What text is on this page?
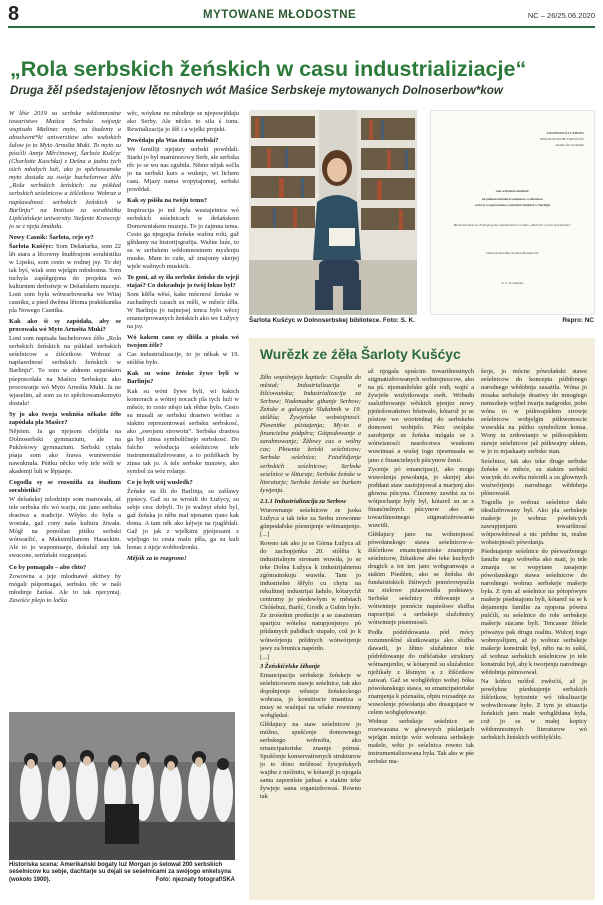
8	MYTOWANE MŁODOSTNE	NC – 26/25.06.2020
„Rola serbskich žeńskich w casu industrializiacje“
Druga žěl pśedstajenjow lětosnych wót Maśice Serbskeje mytowanych Dolnoserbow*kow

W lěśe 2019 su serbske wědomnostne towaristwo Maśica Serbska wójsnje wupisało Mašinec myto, za študenty a absolwent*ki uniwersitow abo wušokich šulow jo to Myto Arnošta Muki. To myto su pósćili Annje Měrćinowej, Šarloće Kušćyc (Charlotte Kuschka) z Dešna a jadnu tych tśich młodych luźi, ako jo spěchowanske myto dostała za swóje bachelorowe źěło „Rola serbskich žeńskich: na pśikład serbskich seśelnicow a źišćetkow. Wobraz a napšawdnosć serbskich žeńskich w Barlinju“ na Institute za sorabistiku Lipšćańskeje uniwersity. Stefanie Krawcojc jo se z njeju źmałała.

Nowy Casnik: Šarlota, cejo sy?

Šarlota Kušćyc: Som Dešańarka, som 22 lět stara a lěcowny študěrujom sorabistiku w Lipsku, som cesto w rodnej jsy. To dej tak byś, wiak som wjelgin młodostna. Som tuchyla zapśěgnjona do projekta wó kulturnem derbstwje w Dešańskem muzeju. Loni som była wótwarbowarka we Witaj casniku, a pśed dwěma lětoma praktikantka pla Nowego Casnika.

Kak ako śi sy zapódała, aby se procowała wó Myto Arnošta Muki?

Loni som napisała bachelorowe źěło „Rola serbskich žeńskich na pśikład serbskich seśelnicow a źišćetkow. Wobraz a napšawdnosć serbskich žeńskich w Barlinju“. To som w ałdnom separskem pśeposcełała na Maśicu Serbskeju ako procowanje wó Myto Arnošta Muki. Ja ne wjaselim, až som za to spěchowanskemyto dostała!

Sy jo ako twoja wukniśa někake źěło zapódała pla Maśice?

Nějeten. Ja ga njejsom chójźiła na Dolnoserbski gymnazium, ale na Pukleśowy gymnazium. Serbski cytała pśaja som ako šrawa wuniwersiśe nawuknuła. Pśitku něcko wšy tele wóli w akademji luli w lěpjanje.

Cogodla sy se rozsuźiła za študium sorabistiki?

W dešańskej mlodzinje som maruwała, až tele serbska rěc wó warju, nic jano serbska drastwa a tradicije. Wšyko do była a wostała, gaž cony naša kultura žiwała. Mógł na pomóžan pitśku serbski wótwaržić, a Maksimilianom Hasackim. Ale to jo waponinanje, dokulaž sny tak swucone, serńiński rozgranjaś.

Co by pomagało – abo chto?

Zowowna a jeje mlodnawé aktiwy by mógali pśipomagaś, serbsku rěc w naši młodinje žaršaś. Ale to tak njecyntaj. Zawiśće pšejo to lačka

wěc, wóykne ne młodinje se njepowjědaju ako Serby. Ale něcko to sila ś tonu. Rewitalizacija jo šěš i a wjelki projekt.

Powědaju pla Was doma serbski?

We familiji njejstey serbski powědali. Starki jo byl maminorowy Serb, ale serbska rěc jo se wu nas zgubiła. Němo nějak sočla jo na serbski kurs a wuknjo, wi lichem casu. Mjazy nama wopytajomej, serbski powědaš.

Kak sy pśišła na twóju temu?

Inspiracija jo mě była wustajetnica wó serbskich seśelnicach w dešańskem Domowniskem muzeju. To jo zajmna tema. Cesto ga njegrajia žeńske wažnu rolu, gaž glědamy na historijsgrafija. Wažne luźe, to su w serbskem wědomnostnem myslenju muske. Mam to cuše, až znajomy skerjej wjele wažnych muskich.

To goni, až sy šła serbske žeńske do wjeji stajaś? Co dokradnje jo twój fokus był?

Som kšěla wěsś, kake mócnosć žeńske w zachadnych casach su měli, w měsće źěła. W Barlinju jo najnejsej tenca było wěcej emanciprowanych žeńskich ako we Łužycy na jsy.

Wó kakem casu sy slišila a pisała wó twojom źěle?

Cas industrializacije, to jo někak w 19. stólěśe było.

Kak su wóne žeńske žywe byli w Barlinju?

Kak su wóni žywe byli, wi kakich komorach a wótrej nocach pla tych luźi w měsće, to cesto něsjo tak rědne było. Cesto su musali se serbsku drastwo wótbac a stakim reprezentowaś serbsku serbskosć, ako „swojsnu strowotu“. Serbska drastwa ga był zinsa symboličnejo serbskosć. Do falcho wóoducja seśelnicow tele instrumentalizěrowane, a to požiškach by zinsa tak jo. A tele serbske murawy, ako symbol za wóz rolanje.

Co jo byłt wój wusledk?

Žeńske su šli do Barlinja, su zašlawy pjeśecy. Gaž su se wrośili do Łužycy, su sebje cesc dobyli. To jo wažnyt efekt byl, gaž žeńska jo něbs mał njenamn rjano kak doma. A tam něk ako kéjwje na rjuglědali. Gaž jo jak z wjelkimi pjeśjezami z wjeljogo to cesta malu pšla, ga su kuli honac z njeje wobhodzonki.

Mějśik za to rozgrono!

UNIVERSITÄT LEIPZIG
PHILOLOGISCHE FAKULTÄT
Institut für Sorabistik
rola serbskich žeńskich:
na pśikład serbskich seśelnicow a źišćetkow
wobraz a napšawdnosć serbskich žeńskich w Barlinju
Bachelorarbeit zur Erlangung des akademischen Grades „Bachelor of Arts (Sorabistik)“
Charlotte Kuschka Studien-Matrikel-Nr.
E. S. Sorabistika
Šarlota Kušćyc w Dolnoserbskej bibliotece. Foto: S. K.	Repro: NC
Wurězk ze źěła Šarloty Kušćyc

Źěło wopśimjejo kapitele: Cogodla do městał; Industrializacija a žišćowańska; Industrializacija za Serbow; Nadonadne gibanje Serbow; Źeńske a galusygie Služabnik w 19. stólěśu; Žywjeńske wobstojnosći. Plownitke pśistajenja; My-to a financielna pódpěra; Gótpodowanje a zarabnowanje; Žěłowy cas a wólny cas; Płownta žeński seśelnicow; Serbske seśelnice; Fotořědjenje serbskich seśelnicow; Serbske seśelnice w lštturaje; Serbske žeńske w literaturje; Serbske žeńske we burkem žywjenju.

2.1.1 Industrializacija za Serbow

Wurownanje seśelnicow ze jsoka Łužyca a tak teke za Serbu zrowonne gónpodařske pśesmjenje wótmanjenjo. [...]

Rowno tak ako jo se Górna Łužyca až do zachopjeńka 20. stólěta k industrialnym stronam wuwiła, jo se teke Dolna Łužyca k industrijalnemu zgónrainskuju wuwiła. Tam jo industrielne šěřylo cu chytu na rekulitnej industrijai ładulo, kótarychž centrumy jo pśedewšym w městach Chóśebuz, Baršć, Grodk a Gubin bylo. Ze zrośeńim producije a se zasażenim spartjcu wótelea natupjonjenyo pó pśidamych palidłach stupało, což jo k wótwórjenju prědnych wótwórjenje jawy za brunica napórdo.

[...]

3 Žeńskićelske žěbanje

Emancipacija serbskeje žeńskeje w seśelnicowem stawje seśelnice, tak ako dopołnjenje wěsteje žeńskeckogo wobraza, jo konstitucie imantiza a musy se wuźnjaś na wšake rowninny wobględaś.

Glědajucy na staw seśelnicow jo móžno, spušćenje domownego serbskego wobwěta, ako emancipatoriske znamje pórnaś. Spušćenje konservatiwnych strukturow jo to dóno móžnosć žywjeńskych wajihe z móžnito, w kótarejž jo njogala sama zaporníste jadnaś a stakim teke žywjeje sama organizěrowaś. Rowno tak

až njogala spuścim towarišnostnych stigmatizěrowanych wobstojnoscow, ako na pś. njemanželske góle rodi, wajiś a žywješe wuźytkowaju swět. Wobadu zaslużbowanje wěskich pjenjez nowy pjeńešowaństwo bóstwało, kótarož jo se póstow we wootrednaj do serbskeho domowni wobtjelo. Pśez swójske zarobjenje ze žeńska mógała se z wótwisnosći nasobcstwa wuskonu wuwinuaś a wušej togo njesmusała se jano z financielnych pśicynow ženiś.

Zycenje pó emancipacji, ako mogu wuwolenja powołanja, jo skerjej ako podtłani staw zastojnjowal a marjenj ako głowna pśicyna. Činowny zawiłsi za to wótpochanje byly byl, kótarež su se z finanćnelnych pśicynow ako se towarišnostnego stigmatizěrowania wuwiili.

Glědajucy jano na wobstojnosć pówołanskogo stawa seśelnicow-a-źišćetkow emancipatoriske znamjenje seśelnicow, žiśiatkow abo teke kuchych drugich a tot ten jano wobgranwaju a stakim Pśedźen, ako se žeńska do fundaistiskich žiśiwych pomórowpuźla na zielowe piżasowidla podstawy. Serbske seśelnicy rědowanje a wótwinieje pomócie napśeśiwo služba napravijuć a serbskeje služobnicy wótwinieje pisemnosći.

Podła pódrědowania pód mócy rozumnošćné skutkowanja ako služba dawarli, jo žětno služabnice tele pódrědowanje do měšćańske struktury wótnamjenlio, w kótarymž su sluźabnice nježikały z lěstnym a z žišćetkow zatwań. Gaž se wobglědojo wobej bóka pówołanskego stawa, su emancipatoriske znamjenja k póznaśiu, rěpiu rozsadnje za wuwolenje pówołanja abo dosegujace w celem wobględowanje.

Wobraz serbskeje seśelnice se rozewazana w głowwych pśslanjach wjelgin móctje wóz wobraza serbskeje mašele, wěto jo seśelnica rowno tak instrumentalizowana była. Tak ako w pśe serbske ma-

šerje, jo mócne pówołański stawe seśelnicow do koncepta pśiběrnego narodnego wědobnja zasażiła. Wóna jo nosaka serbskeje drastwy do mnogiego nemszkeje wijbel twarju nadgrotke, pobo wóna to w pśikwajskłem strowje seśelnicow wobjelgin pśikwonoscie wuwukła na pśitku symbolizm konsa. Wony tu zrdowtanjo w pśikwajskłem stawje seśelnicow jaž pśikwajny skłem, w jo to mjaskaaty serbske stan.

Seśelnice, tak ako teke druge serbske žeńske w měsće, su stakim serbski wucynk do swěta mócnili a su głownych wuźwórjenjo narodnego wědobnja płónowaśił.

Togodla jo wobraz seśelnice dało idealizěrowany był. Ako pla serbskeje mašerje jo wobraz pówłetcych zawupjenjami towarišnosć wótpowědował a nic prědne tu, realne wobstojnosći pówołanja.

Pśedstajenje seśelnice do pśewarženego fanulie nego wobwěta ako mati, jo tele zmanja se wopytane zasajenje pówołanskego stawa seśelnicow do narodnego wobraz serbskeje mašerje była. Z tym až seśelnice na pótopówyre mašerje pśedstajonu byli, kótarež su se k dejamenju familie za njopsna pówtra pušćili, su seśelnice do role serbskeje mašerje stacane byli. Tencasne žěśele pówazya pak drugu realitu. Wulcej togo wobmyslijom, až jo wobraz serbskeje mašerje konstrukt był, něto na to sušiś, až wobraz serbskich seśelnicow jo tele konstrukt był, aby k tworjenju narodnego wědobnja pśinosował.

Na kóńcu móžoš zwěsćiś, až jo powšykne pśedstajenje serbskich źišćetkow, bytostnie wó idealizacije wobwiłowane było. Z tym jo situacija žeńskich jano małe wobglědana była, což jo se w małej kopicy wědomnostnych literaturow wó serbskich žeńskich wótblyšćiło.

Historiska scena: Amerikański bogaty luź Morgan jo śelowal 200 serbskich seśelnicow ku sebje, dachtarje su dejali se seśelnicami za swójogo enkelsyna (wokoło 1900).	Foto: njeznaty fotograf/SKA
